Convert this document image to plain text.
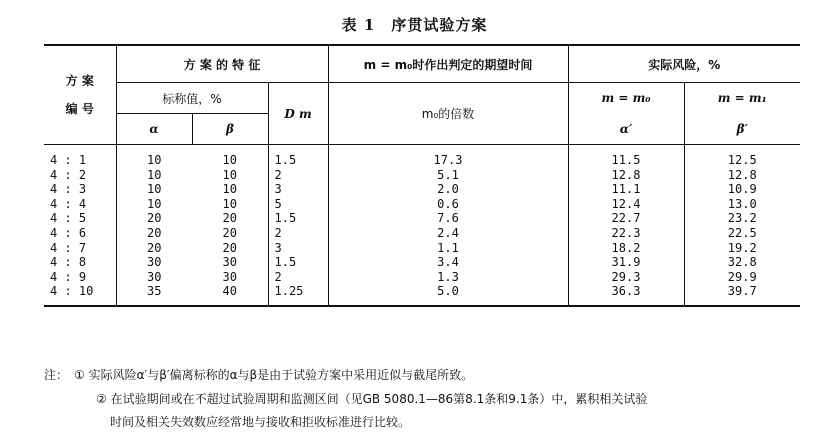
表 1　序贯试验方案
方 案
编 号	方 案 的 特 征			m = m₀时作出判定的期望时间	实际风险，%	
	标称值，%		D m	m₀的倍数	m = m₀	m = m₁
	α	β			α′	β′
4 : 1	10	10	1.5	17.3	11.5	12.5
4 : 2	10	10	2	5.1	12.8	12.8
4 : 3	10	10	3	2.0	11.1	10.9
4 : 4	10	10	5	0.6	12.4	13.0
4 : 5	20	20	1.5	7.6	22.7	23.2
4 : 6	20	20	2	2.4	22.3	22.5
4 : 7	20	20	3	1.1	18.2	19.2
4 : 8	30	30	1.5	3.4	31.9	32.8
4 : 9	30	30	2	1.3	29.3	29.9
4 : 10	35	40	1.25	5.0	36.3	39.7
注： ① 实际风险α′与β′偏离标称的α与β是由于试验方案中采用近似与截尾所致。
② 在试验期间或在不超过试验周期和监测区间（见GB 5080.1—86第8.1条和9.1条）中，累积相关试验
时间及相关失效数应经常地与接收和拒收标准进行比较。
